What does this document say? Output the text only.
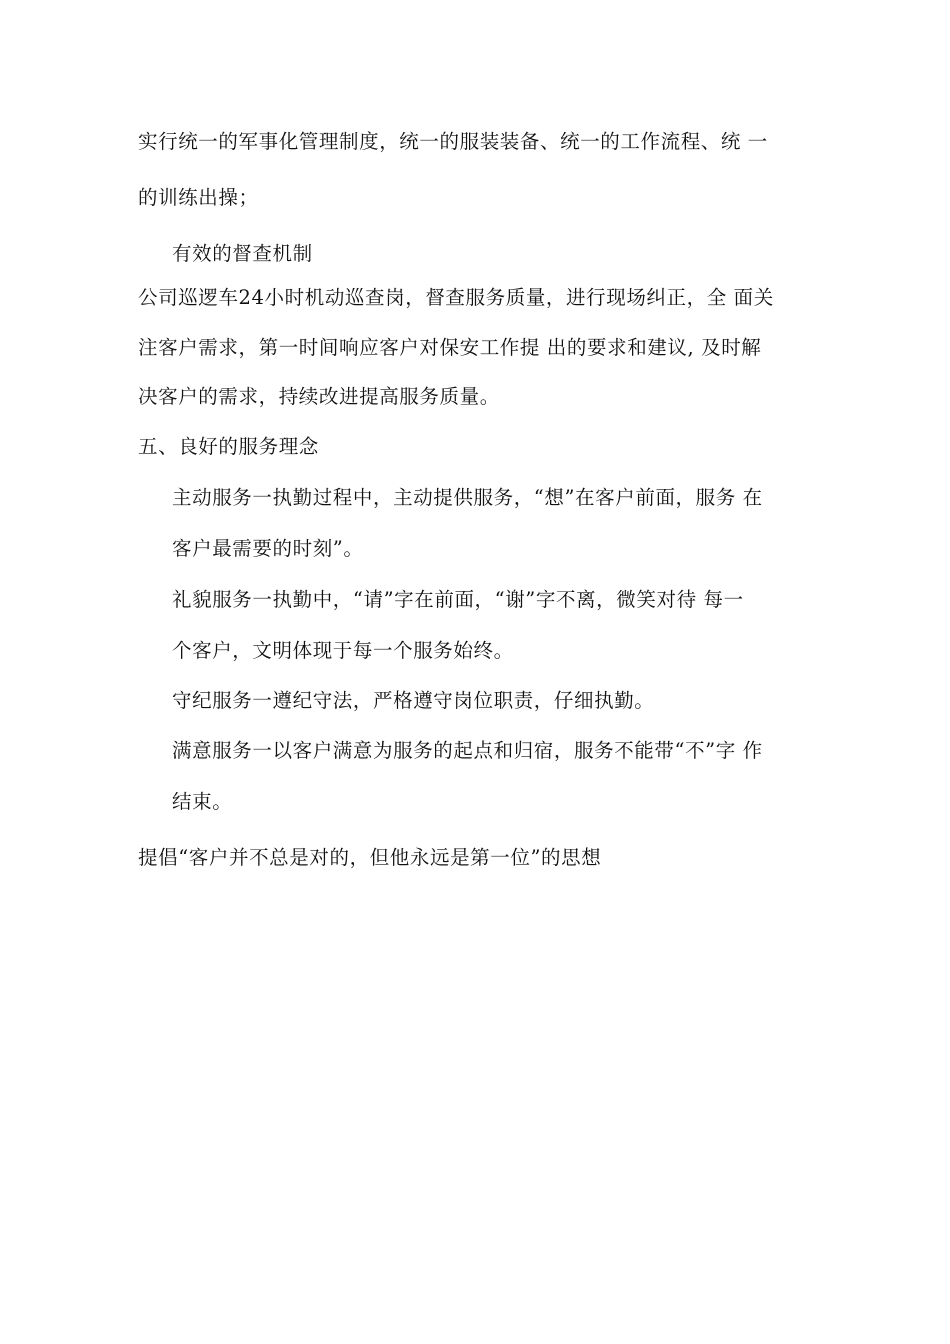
实行统一的军事化管理制度，统一的服装装备、统一的工作流程、统 一
的训练出操；
有效的督查机制
公司巡逻车24小时机动巡查岗，督查服务质量，进行现场纠正，全 面关
注客户需求，第一时间响应客户对保安工作提 出的要求和建议, 及时解
决客户的需求，持续改进提高服务质量。
五、良好的服务理念
主动服务一执勤过程中，主动提供服务，“想”在客户前面，服务 在
客户最需要的时刻”。
礼貌服务一执勤中，“请”字在前面，“谢”字不离，微笑对待 每一
个客户，文明体现于每一个服务始终。
守纪服务一遵纪守法，严格遵守岗位职责，仔细执勤。
满意服务一以客户满意为服务的起点和归宿，服务不能带“不”字 作
结束。
提倡“客户并不总是对的，但他永远是第一位”的思想
